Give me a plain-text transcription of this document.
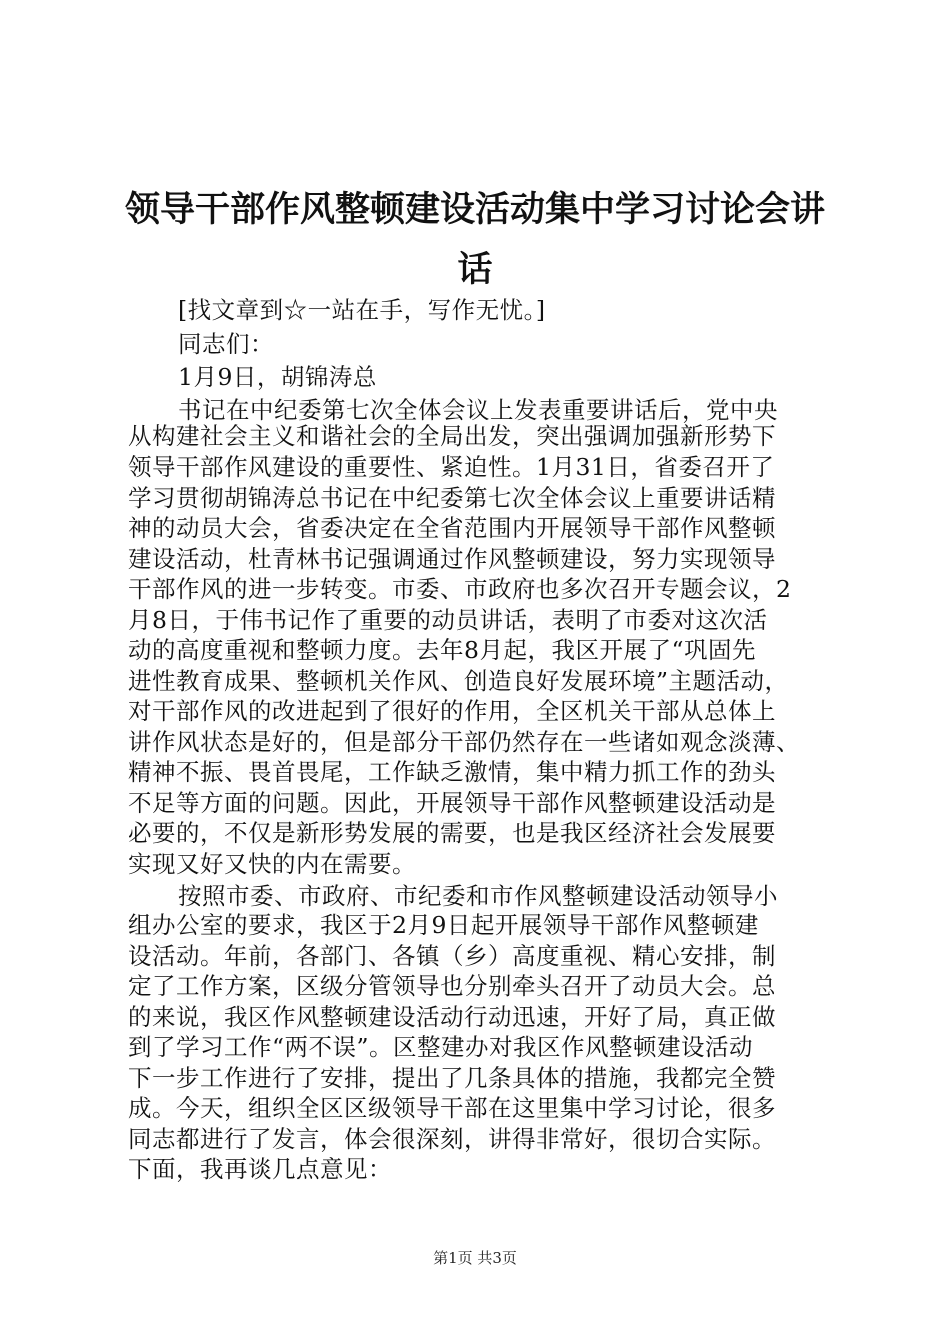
领导干部作风整顿建设活动集中学习讨论会讲
话
[找文章到☆一站在手，写作无忧。]
同志们：
1月9日，胡锦涛总
书记在中纪委第七次全体会议上发表重要讲话后，党中央
从构建社会主义和谐社会的全局出发，突出强调加强新形势下
领导干部作风建设的重要性、紧迫性。1月31日，省委召开了
学习贯彻胡锦涛总书记在中纪委第七次全体会议上重要讲话精
神的动员大会，省委决定在全省范围内开展领导干部作风整顿
建设活动，杜青林书记强调通过作风整顿建设，努力实现领导
干部作风的进一步转变。市委、市政府也多次召开专题会议，2
月8日，于伟书记作了重要的动员讲话，表明了市委对这次活
动的高度重视和整顿力度。去年8月起，我区开展了“巩固先
进性教育成果、整顿机关作风、创造良好发展环境”主题活动，
对干部作风的改进起到了很好的作用，全区机关干部从总体上
讲作风状态是好的，但是部分干部仍然存在一些诸如观念淡薄、
精神不振、畏首畏尾，工作缺乏激情，集中精力抓工作的劲头
不足等方面的问题。因此，开展领导干部作风整顿建设活动是
必要的，不仅是新形势发展的需要，也是我区经济社会发展要
实现又好又快的内在需要。
按照市委、市政府、市纪委和市作风整顿建设活动领导小
组办公室的要求，我区于2月9日起开展领导干部作风整顿建
设活动。年前，各部门、各镇（乡）高度重视、精心安排，制
定了工作方案，区级分管领导也分别牵头召开了动员大会。总
的来说，我区作风整顿建设活动行动迅速，开好了局，真正做
到了学习工作“两不误”。区整建办对我区作风整顿建设活动
下一步工作进行了安排，提出了几条具体的措施，我都完全赞
成。今天，组织全区区级领导干部在这里集中学习讨论，很多
同志都进行了发言，体会很深刻，讲得非常好，很切合实际。
下面，我再谈几点意见：
第1页 共3页
